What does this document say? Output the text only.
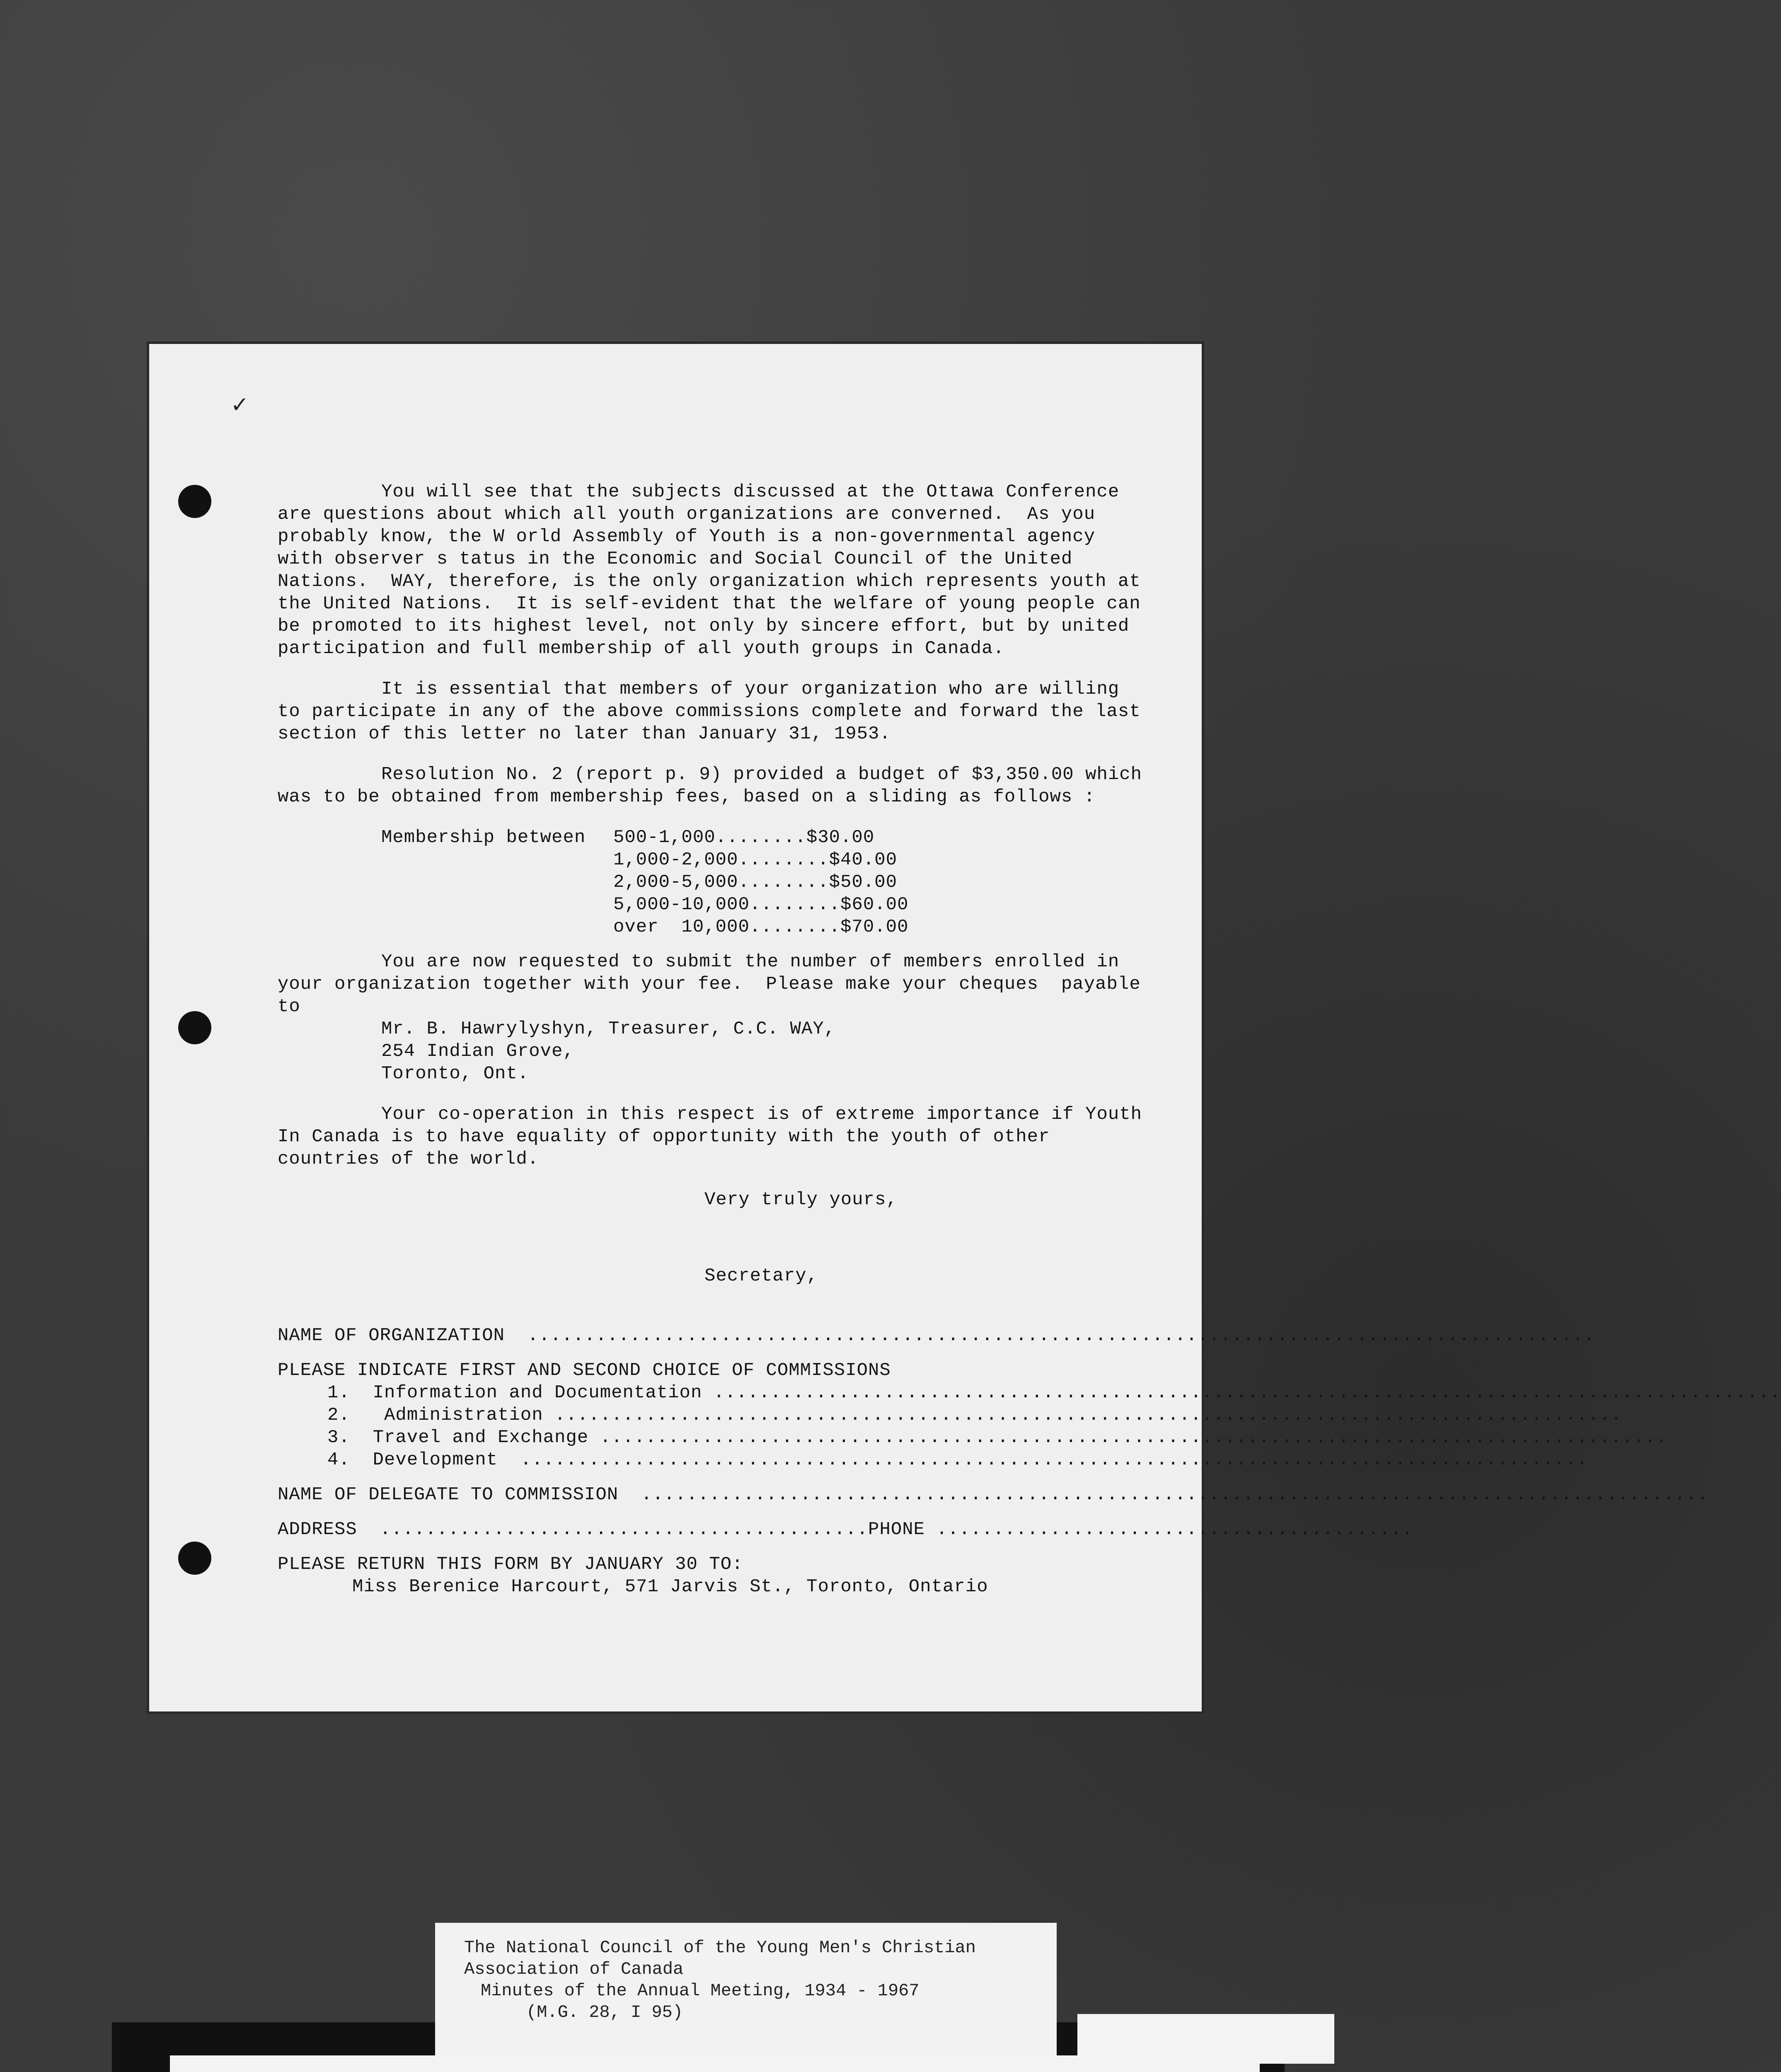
✓

You will see that the subjects discussed at the Ottawa Conference are questions about which all youth organizations are converned.  As you probably know, the W orld Assembly of Youth is a non-governmental agency with observer s tatus in the Economic and Social Council of the United Nations.  WAY, therefore, is the only organization which represents youth at the United Nations.  It is self-evident that the welfare of young people can be promoted to its highest level, not only by sincere effort, but by united participation and full membership of all youth groups in Canada.

It is essential that members of your organization who are willing to participate in any of the above commissions complete and forward the last section of this letter no later than January 31, 1953.

Resolution No. 2 (report p. 9) provided a budget of $3,350.00 which was to be obtained from membership fees, based on a sliding as follows :

Membership between	500-1,000........$30.00
1,000-2,000........$40.00
2,000-5,000........$50.00
5,000-10,000........$60.00
over  10,000........$70.00

You are now requested to submit the number of members enrolled in your organization together with your fee.  Please make your cheques  payable to

Mr. B. Hawrylyshyn, Treasurer, C.C. WAY,
254 Indian Grove,
Toronto, Ont.

Your co-operation in this respect is of extreme importance if Youth In Canada is to have equality of opportunity with the youth of other countries of the world.

Very truly yours,
Secretary,
NAME OF ORGANIZATION
..............................................................................................
PLEASE INDICATE FIRST AND SECOND CHOICE OF COMMISSIONS
1.  Information and Documentation
..............................................................................................
2.   Administration
..............................................................................................
3.  Travel and Exchange
..............................................................................................
4.  Development
..............................................................................................
NAME OF DELEGATE TO COMMISSION
..............................................................................................
ADDRESS
........................................... PHONE
..........................................
PLEASE RETURN THIS FORM BY JANUARY 30 TO:
Miss Berenice Harcourt, 571 Jarvis St., Toronto, Ontario
The National Council of the Young Men's Christian
Association of Canada
Minutes of the Annual Meeting, 1934 - 1967
(M.G. 28, I 95)
